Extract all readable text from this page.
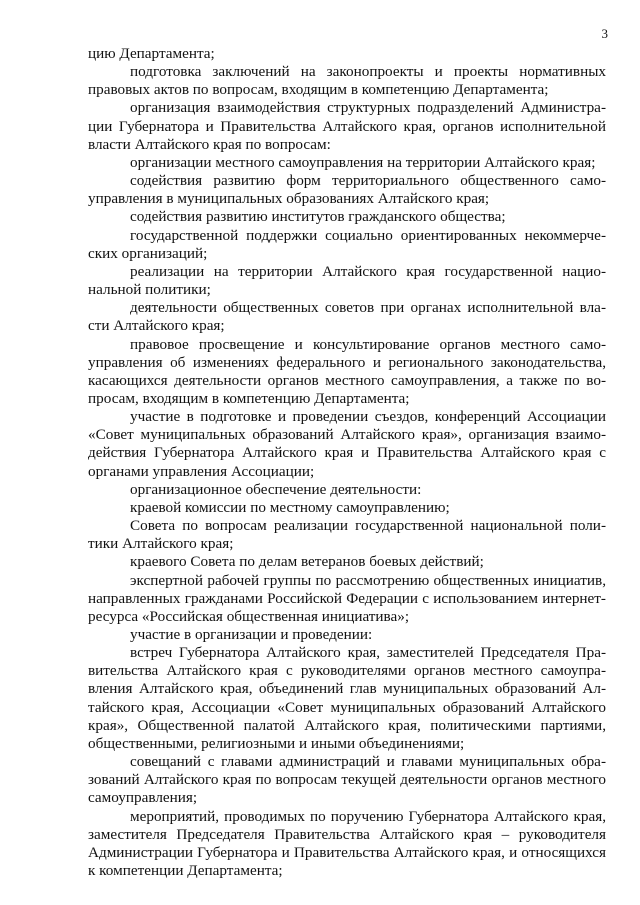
3

цию Департамента;

подготовка заключений на законопроекты и проекты нормативных правовых актов по вопросам, входящим в компетенцию Департамента;

организация взаимодействия структурных подразделений Администрации Губернатора и Правительства Алтайского края, органов исполнительной власти Алтайского края по вопросам:

организации местного самоуправления на территории Алтайского края;

содействия развитию форм территориального общественного самоуправления в муниципальных образованиях Алтайского края;

содействия развитию институтов гражданского общества;

государственной поддержки социально ориентированных некоммерческих организаций;

реализации на территории Алтайского края государственной национальной политики;

деятельности общественных советов при органах исполнительной власти Алтайского края;

правовое просвещение и консультирование органов местного самоуправления об изменениях федерального и регионального законодательства, касающихся деятельности органов местного самоуправления, а также по вопросам, входящим в компетенцию Департамента;

участие в подготовке и проведении съездов, конференций Ассоциации «Совет муниципальных образований Алтайского края», организация взаимодействия Губернатора Алтайского края и Правительства Алтайского края с органами управления Ассоциации;

организационное обеспечение деятельности:

краевой комиссии по местному самоуправлению;

Совета по вопросам реализации государственной национальной политики Алтайского края;

краевого Совета по делам ветеранов боевых действий;

экспертной рабочей группы по рассмотрению общественных инициатив, направленных гражданами Российской Федерации с использованием интернет-ресурса «Российская общественная инициатива»;

участие в организации и проведении:

встреч Губернатора Алтайского края, заместителей Председателя Правительства Алтайского края с руководителями органов местного самоуправления Алтайского края, объединений глав муниципальных образований Алтайского края, Ассоциации «Совет муниципальных образований Алтайского края», Общественной палатой Алтайского края, политическими партиями, общественными, религиозными и иными объединениями;

совещаний с главами администраций и главами муниципальных образований Алтайского края по вопросам текущей деятельности органов местного самоуправления;

мероприятий, проводимых по поручению Губернатора Алтайского края, заместителя Председателя Правительства Алтайского края – руководителя Администрации Губернатора и Правительства Алтайского края, и относящихся к компетенции Департамента;
